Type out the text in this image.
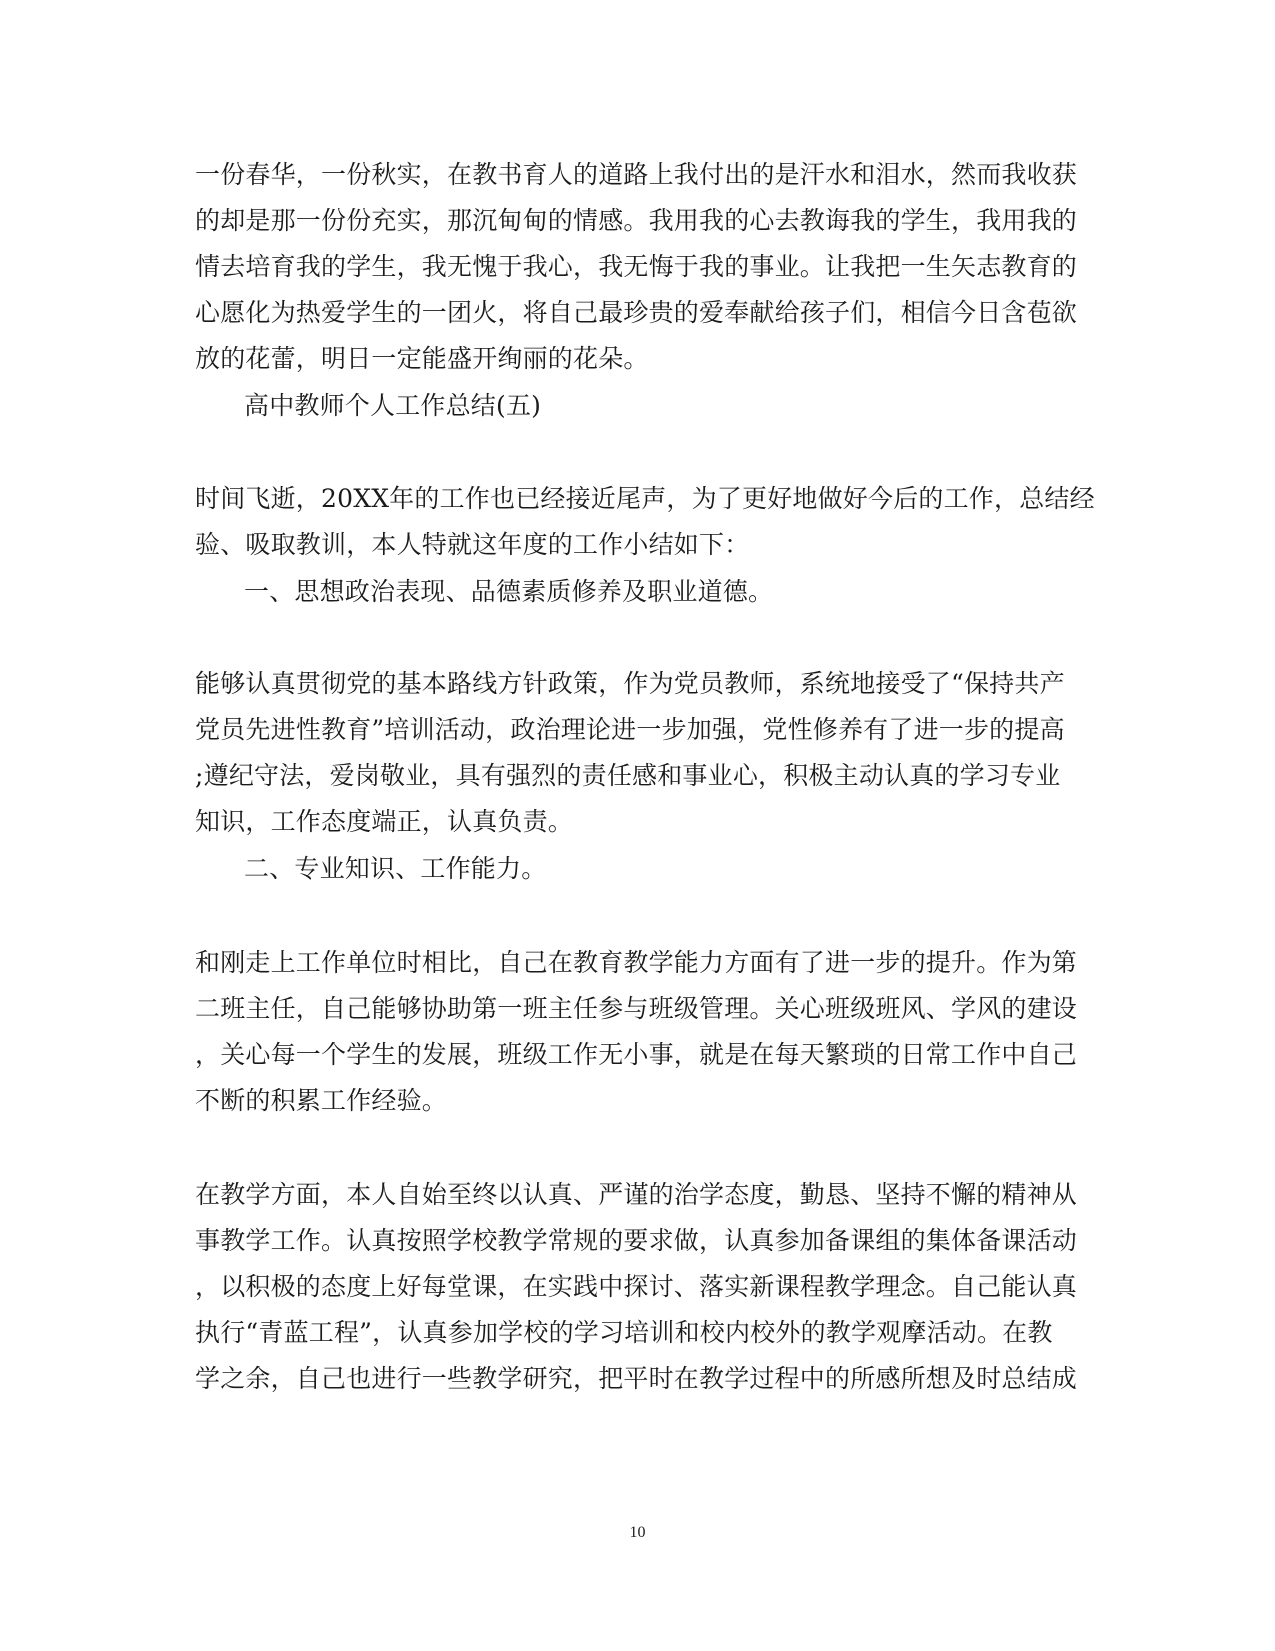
一份春华，一份秋实，在教书育人的道路上我付出的是汗水和泪水，然而我收获
的却是那一份份充实，那沉甸甸的情感。我用我的心去教诲我的学生，我用我的
情去培育我的学生，我无愧于我心，我无悔于我的事业。让我把一生矢志教育的
心愿化为热爱学生的一团火，将自己最珍贵的爱奉献给孩子们，相信今日含苞欲
放的花蕾，明日一定能盛开绚丽的花朵。
高中教师个人工作总结(五)
时间飞逝，20XX年的工作也已经接近尾声，为了更好地做好今后的工作，总结经
验、吸取教训，本人特就这年度的工作小结如下：
一、思想政治表现、品德素质修养及职业道德。
能够认真贯彻党的基本路线方针政策，作为党员教师，系统地接受了“保持共产
党员先进性教育”培训活动，政治理论进一步加强，党性修养有了进一步的提高
;遵纪守法，爱岗敬业，具有强烈的责任感和事业心，积极主动认真的学习专业
知识，工作态度端正，认真负责。
二、专业知识、工作能力。
和刚走上工作单位时相比，自己在教育教学能力方面有了进一步的提升。作为第
二班主任，自己能够协助第一班主任参与班级管理。关心班级班风、学风的建设
，关心每一个学生的发展，班级工作无小事，就是在每天繁琐的日常工作中自己
不断的积累工作经验。
在教学方面，本人自始至终以认真、严谨的治学态度，勤恳、坚持不懈的精神从
事教学工作。认真按照学校教学常规的要求做，认真参加备课组的集体备课活动
，以积极的态度上好每堂课，在实践中探讨、落实新课程教学理念。自己能认真
执行“青蓝工程”，认真参加学校的学习培训和校内校外的教学观摩活动。在教
学之余，自己也进行一些教学研究，把平时在教学过程中的所感所想及时总结成
10
